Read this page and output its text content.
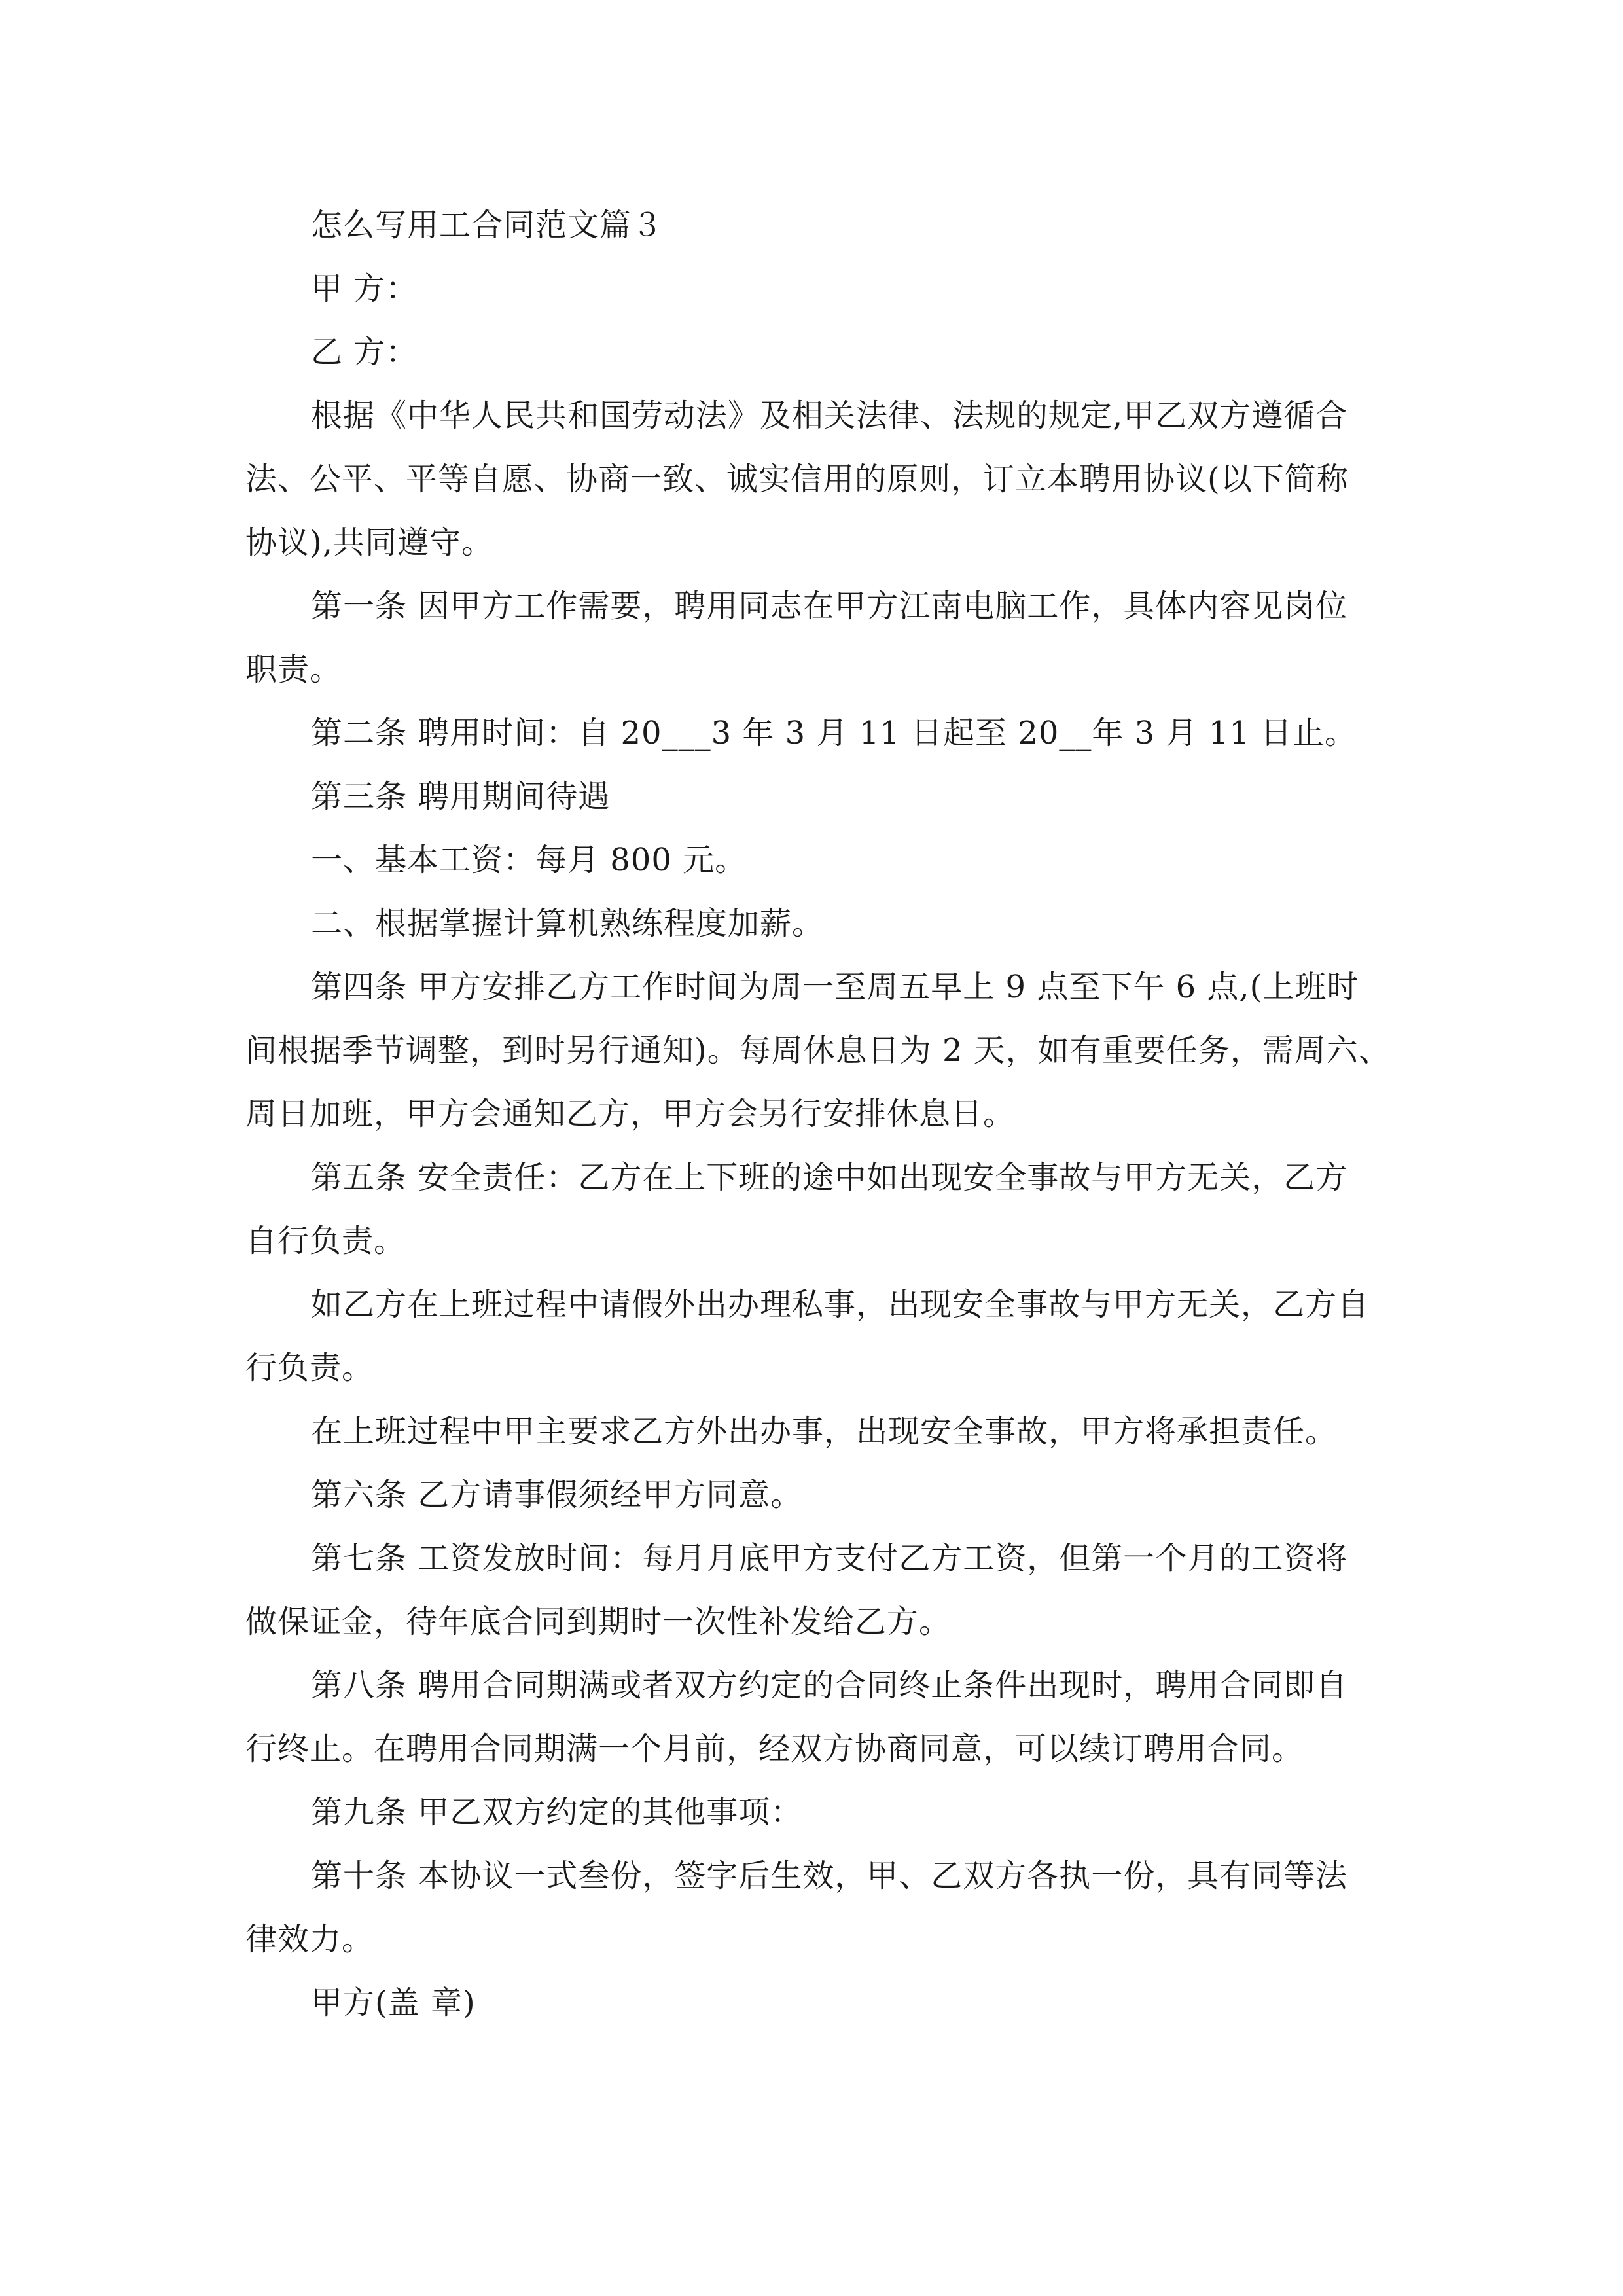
怎么写用工合同范文篇３

甲 方：

乙 方：

根据《中华人民共和国劳动法》及相关法律、法规的规定,甲乙双方遵循合

法、公平、平等自愿、协商一致、诚实信用的原则，订立本聘用协议(以下简称

协议),共同遵守。

第一条 因甲方工作需要，聘用同志在甲方江南电脑工作，具体内容见岗位

职责。

第二条 聘用时间：自 20___3 年 3 月 11 日起至 20__年 3 月 11 日止。

第三条 聘用期间待遇

一、基本工资：每月 800 元。

二、根据掌握计算机熟练程度加薪。

第四条 甲方安排乙方工作时间为周一至周五早上 9 点至下午 6 点,(上班时

间根据季节调整，到时另行通知)。每周休息日为 2 天，如有重要任务，需周六、

周日加班，甲方会通知乙方，甲方会另行安排休息日。

第五条 安全责任：乙方在上下班的途中如出现安全事故与甲方无关，乙方

自行负责。

如乙方在上班过程中请假外出办理私事，出现安全事故与甲方无关，乙方自

行负责。

在上班过程中甲主要求乙方外出办事，出现安全事故，甲方将承担责任。

第六条 乙方请事假须经甲方同意。

第七条 工资发放时间：每月月底甲方支付乙方工资，但第一个月的工资将

做保证金，待年底合同到期时一次性补发给乙方。

第八条 聘用合同期满或者双方约定的合同终止条件出现时，聘用合同即自

行终止。在聘用合同期满一个月前，经双方协商同意，可以续订聘用合同。

第九条 甲乙双方约定的其他事项：

第十条 本协议一式叁份，签字后生效，甲、乙双方各执一份，具有同等法

律效力。

甲方(盖 章)
